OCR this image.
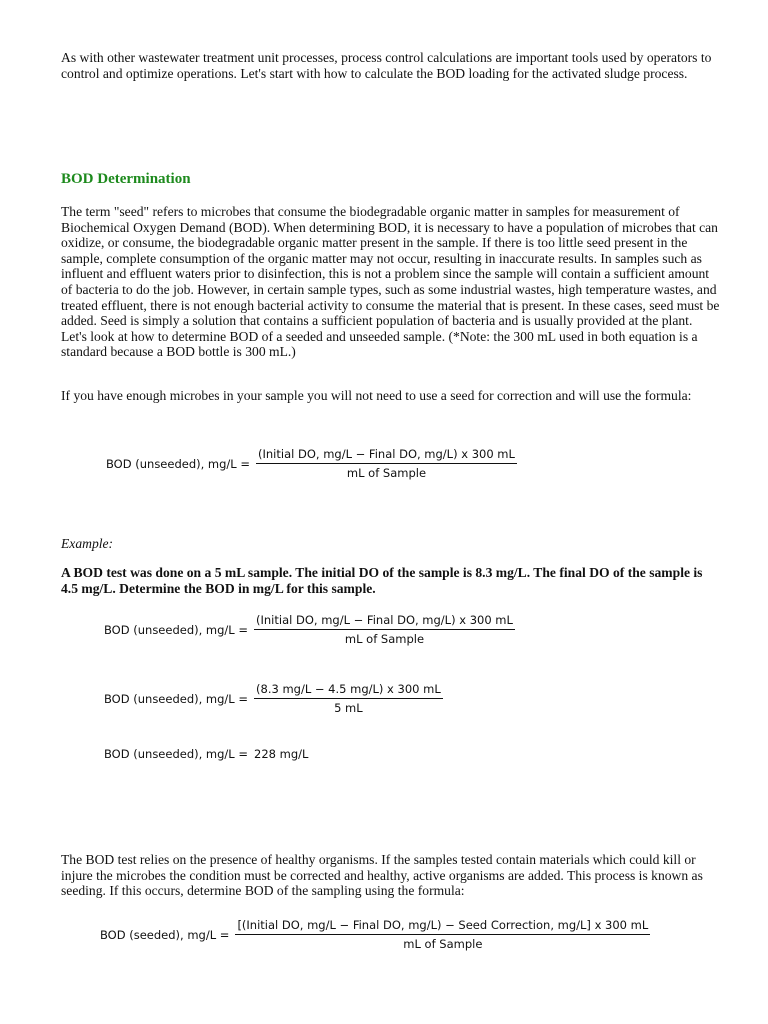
As with other wastewater treatment unit processes, process control calculations are important tools used by operators to control and optimize operations. Let's start with how to calculate the BOD loading for the activated sludge process.

BOD Determination

The term "seed" refers to microbes that consume the biodegradable organic matter in samples for measurement of Biochemical Oxygen Demand (BOD). When determining BOD, it is necessary to have a population of microbes that can oxidize, or consume, the biodegradable organic matter present in the sample. If there is too little seed present in the sample, complete consumption of the organic matter may not occur, resulting in inaccurate results. In samples such as influent and effluent waters prior to disinfection, this is not a problem since the sample will contain a sufficient amount of bacteria to do the job. However, in certain sample types, such as some industrial wastes, high temperature wastes, and treated effluent, there is not enough bacterial activity to consume the material that is present. In these cases, seed must be added. Seed is simply a solution that contains a sufficient population of bacteria and is usually provided at the plant. Let's look at how to determine BOD of a seeded and unseeded sample. (*Note: the 300 mL used in both equation is a standard because a BOD bottle is 300 mL.)

If you have enough microbes in your sample you will not need to use a seed for correction and will use the formula:

BOD (unseeded), $mg/L = \frac{\text{(Initial DO, mg/L − Final DO, mg/L) x 300 mL}}{\text{mL of Sample}}$

Example:

A BOD test was done on a 5 mL sample. The initial DO of the sample is 8.3 mg/L. The final DO of the sample is 4.5 mg/L. Determine the BOD in mg/L for this sample.

BOD (unseeded), $mg/L = \frac{\text{(Initial DO, mg/L − Final DO, mg/L) x 300 mL}}{\text{mL of Sample}}$
BOD (unseeded), $mg/L = \frac{(8.3 mg/L - 4.5 mg/L) x 300 mL}{5 mL}$
BOD (unseeded), mg/L = 228 mg/L

The BOD test relies on the presence of healthy organisms. If the samples tested contain materials which could kill or injure the microbes the condition must be corrected and healthy, active organisms are added. This process is known as seeding. If this occurs, determine BOD of the sampling using the formula:

BOD (seeded), mg/L =
[(Initial DO, mg/L − Final DO, mg/L) − Seed Correction, mg/L] x 300 mL
mL of Sample
